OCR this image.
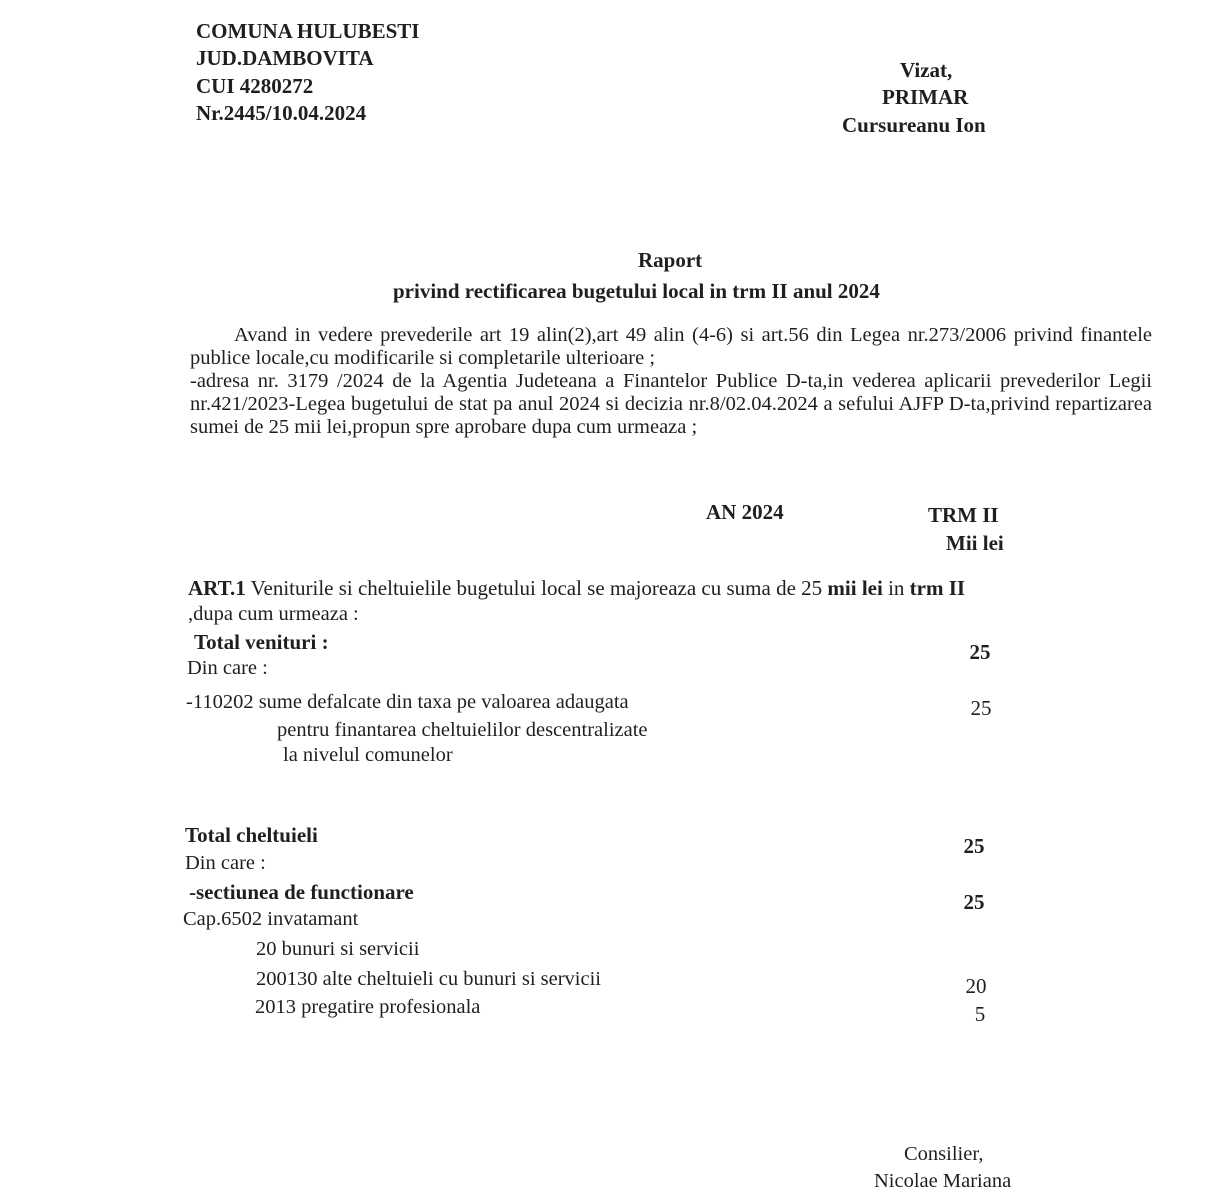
COMUNA HULUBESTI
JUD.DAMBOVITA
CUI 4280272
Nr.2445/10.04.2024
Vizat,
PRIMAR
Cursureanu Ion
Raport
privind rectificarea bugetului local in trm II anul 2024

Avand in vedere prevederile art 19 alin(2),art 49 alin (4-6) si art.56 din Legea nr.273/2006 privind finantele publice locale,cu modificarile si completarile ulterioare ;

-adresa nr. 3179 /2024 de la Agentia Judeteana a Finantelor Publice D-ta,in vederea aplicarii prevederilor Legii nr.421/2023-Legea bugetului de stat pa anul 2024 si decizia nr.8/02.04.2024 a sefului AJFP D-ta,privind repartizarea sumei de 25 mii lei,propun spre aprobare dupa cum urmeaza ;

AN 2024	TRM II
Mii lei
ART.1 Veniturile si cheltuielile bugetului local se majoreaza cu suma de 25 mii lei in trm II
,dupa cum urmeaza :
Total venituri :	25
Din care :
-110202 sume defalcate din taxa pe valoarea adaugata	25
pentru finantarea cheltuielilor descentralizate
la nivelul comunelor
Total cheltuieli	25
Din care :
-sectiunea de functionare	25
Cap.6502 invatamant
20 bunuri si servicii
200130 alte cheltuieli cu bunuri si servicii	20
2013 pregatire profesionala	5
Consilier,
Nicolae Mariana
